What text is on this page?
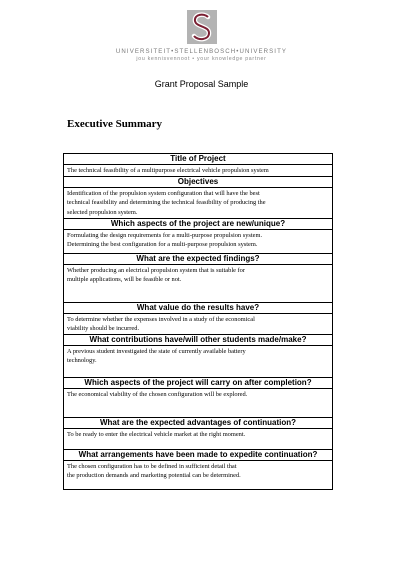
UNIVERSITEIT•STELLENBOSCH•UNIVERSITY
jou kennisvennoot • your knowledge partner
Grant Proposal Sample
Executive Summary
Title of Project

The technical feasibility of a multipurpose electrical vehicle propulsion system

Objectives

Identification of the propulsion system configuration that will have the best
technical feasibility and determining the technical feasibility of producing the
selected propulsion system.

Which aspects of the project are new/unique?

Formulating the design requirements for a multi-purpose propulsion system.
Determining the best configuration for a multi-purpose propulsion system.

What are the expected findings?

Whether producing an electrical propulsion system that is suitable for
multiple applications, will be feasible or not.

What value do the results have?

To determine whether the expenses involved in a study of the economical
viability should be incurred.

What contributions have/will other students made/make?

A previous student investigated the state of currently available battery
technology.

Which aspects of the project will carry on after completion?

The economical viability of the chosen configuration will be explored.

What are the expected advantages of continuation?

To be ready to enter the electrical vehicle market at the right moment.

What arrangements have been made to expedite continuation?

The chosen configuration has to be defined in sufficient detail that
the production demands and marketing potential can be determined.
